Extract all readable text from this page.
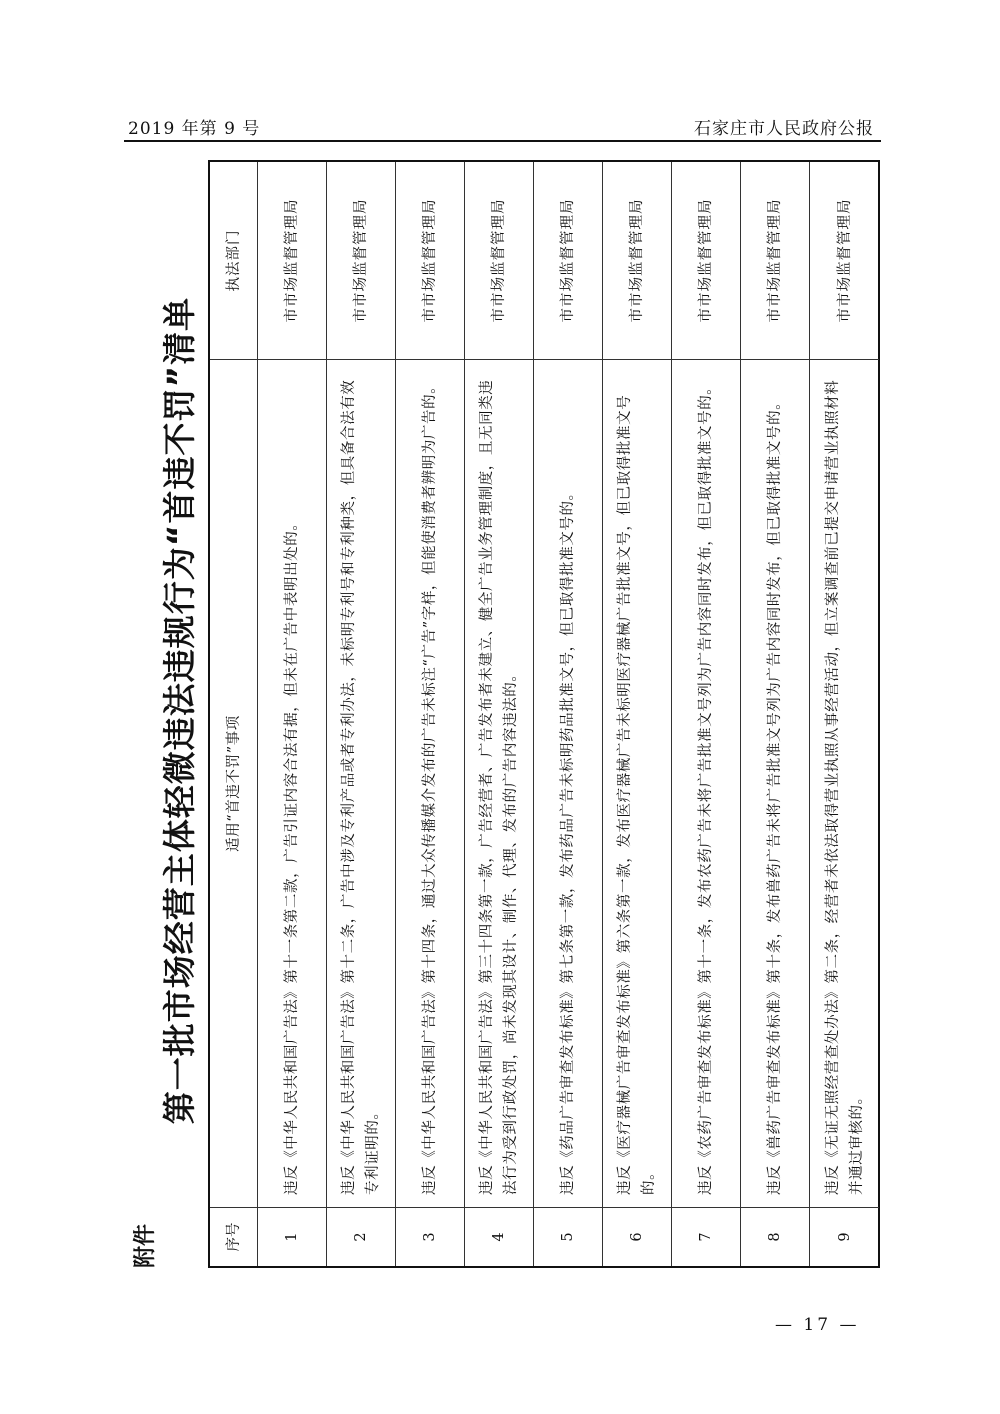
2019 年第 9 号	石家庄市人民政府公报
附件
第一批市场经营主体轻微违法违规行为“首违不罚”清单
序号
适用“首违不罚”事项
执法部门
1
违反《中华人民共和国广告法》第十一条第二款，广告引证内容合法有据，但未在广告中表明出处的。
市市场监督管理局
2
违反《中华人民共和国广告法》第十二条，广告中涉及专利产品或者专利办法，未标明专利号和专利种类，但具备合法有效专利证明的。
市市场监督管理局
3
违反《中华人民共和国广告法》第十四条，通过大众传播媒介发布的广告未标注“广告”字样，但能使消费者辨明为广告的。
市市场监督管理局
4
违反《中华人民共和国广告法》第三十四条第一款，广告经营者、广告发布者未建立、健全广告业务管理制度，且无同类违法行为受到行政处罚，尚未发现其设计、制作、代理、发布的广告内容违法的。
市市场监督管理局
5
违反《药品广告审查发布标准》第七条第一款，发布药品广告未标明药品批准文号，但已取得批准文号的。
市市场监督管理局
6
违反《医疗器械广告审查发布标准》第六条第一款，发布医疗器械广告未标明医疗器械广告批准文号，但已取得批准文号的。
市市场监督管理局
7
违反《农药广告审查发布标准》第十一条，发布农药广告未将广告批准文号列为广告内容同时发布，但已取得批准文号的。
市市场监督管理局
8
违反《兽药广告审查发布标准》第十条，发布兽药广告未将广告批准文号列为广告内容同时发布，但已取得批准文号的。
市市场监督管理局
9
违反《无证无照经营查处办法》第二条，经营者未依法取得营业执照从事经营活动，但立案调查前已提交申请营业执照材料并通过审核的。
市市场监督管理局
— 17 —
